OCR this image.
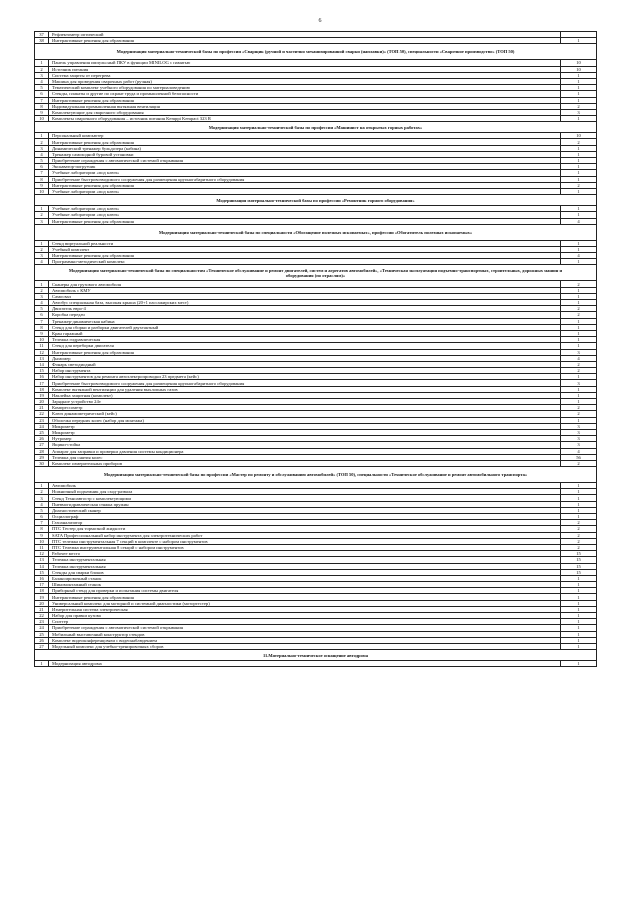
6
37	Рефлектометр оптический	
38	Интерактивные решения для образования	1
Модернизация материально-технической базы по профессии «Сварщик (ручной и частично механизированной сварки (наплавки)» (ТОП 50), специальности «Сварочное производство» (ТОП 50)		
1	Панель управления импульсный ПКУ в функции MINILOG с памятью	10
2	Источник питания	10
3	Система защиты от перегрева	1
4	Машина для проведения сварочных работ (ручная)	1
5	Тематический комплект учебного оборудования по материаловедению	1
6	Стенды, плакаты и другие по охране труда и промышленной безопасности	1
7	Интерактивные решения для образования	1
8	Индивидуальная промышленная вытяжная вентиляция	2
9	Комплектующие для сварочного оборудования	3
10	Комплекты сварочного оборудования – источник питания Kemppi Kempact 323 R	1
Модернизация материально-технической базы по профессии «Машинист на открытых горных работах»		
1	Персональный компьютер	10
2	Интерактивные решения для образования	2
3	Динамический тренажер бульдозера (кабина)	1
4	Тренажер самоходной буровой установки	1
5	Приобретение ограждения с автоматической системой открывания	1
6	Экскаватор-погрузчик	1
7	Учебные лаборатории «под ключ»	1
8	Приобретение быстровозводимого сооружения для размещения крупногабаритного оборудования	1
9	Интерактивные решения для образования	2
10	Учебные лаборатории «под ключ»	1
Модернизация материально-технической базы по профессии «Ремонтник горного оборудования»		
1	Учебные лаборатории «под ключ»	1
2	Учебные лаборатории «под ключ»	1
3	Интерактивные решения для образования	4
Модернизация материально-технической базы по специальности «Обогащение полезных ископаемых», профессии «Обогатитель полезных ископаемых»		
1	Стенд виртуальной реальности	1
2	Учебный комплект	1
3	Интерактивные решения для образования	4
4	Программно-методический комплекс	1
Модернизация материально-технической базы по специальностям «Техническое обслуживание и ремонт двигателей, систем и агрегатов автомобилей», «Техническая эксплуатация подъемно-транспортных, строительных, дорожных машин и оборудования (по отраслям)»		
1	Сканеры для грузового автомобиля	2
2	Автомобиль с КМУ	1
3	Самосвал	1
4	Автобус специальная база, высокая крыша (20+1 пассажирских мест)	1
5	Двигатель евро-4	2
6	Коробка передач	2
7	Тренажер-динамическая кабина	1
8	Стенд для сборки и разборки двигателей двухтактный	1
9	Кран гаражный	1
10	Тележка гидравлическая	1
11	Стенд для переборки двигателя	1
12	Интерактивные решения для образования	3
13	Дымомер	4
14	Фонарь светодиодный	2
15	Набор инструмента	2
16	Набор инструментов для ремонта автоэлектропроводки 23 предмета (кейс)	1
17	Приобретение быстровозводимого сооружения для размещения крупногабаритного оборудования	3
18	Комплект вытяжной вентиляции для удаления выхлопных газов	1
19	Наклейка защитная (комплект)	1
20	Зарядное устройство 24v	1
21	Компрессометр	2
22	Ключ динамометрический (кейс)	2
23	Оболочка передних колес (набор для монтажа)	1
24	Микрометр	3
25	Микрометр	3
26	Нутромер	3
27	Ящики-стойка	3
28	Аппарат для заправки и проверки давления системы кондиционера	4
29	Тележка для снятия колес	56
30	Комплект измерительных приборов	2
Модернизация материально-технической базы по профессии «Мастер по ремонту и обслуживанию автомобилей» (ТОП 50), специальности «Техническое обслуживание и ремонт автомобильного транспорта»		
1	Автомобиль	1
2	Ножничный подъемник для сход-развала	1
3	Стенд Техноавтостр с комплектующими	1
4	Пневмогидравлическая стяжка пружин	1
5	Диагностический сканер	1
6	Осциллограф	1
7	Газоанализатор	2
8	ПТС Тестер для тормозной жидкости	2
9	SATA Профессиональный набор инструмента для электротехнических работ	2
10	ПТС тележка инструментальная 7 секций в комплекте с набором инструментов	2
11	ПТС Тележка инструментальная 8 секций с набором инструментов	2
12	Рабочее место	15
13	Тележка инструментальная	15
14	Тележка инструментальная	15
15	Стенды для сварки блоков	15
16	Балансировочный станок	1
17	Шиномонтажный станок	1
18	Приборный стенд для проверки и испытания системы двигателя	1
19	Интерактивные решения для образования	1
20	Универсальный комплекс для моторной и системной диагностики (мотортестер)	1
21	Измерительная система электрическая	1
22	Набор для правки кузова	1
23	Споттер	1
24	Приобретение ограждения с автоматической системой открывания	1
25	Мобильный выставочный конструктор стендов	1
26	Комплект видеоконференцсвязи с видеонаблюдением	1
27	Модельный комплекс для учебно-тренировочных сборов	1
11.Материально-техническое оснащение автодрома		
1	Модернизация автодрома	1
